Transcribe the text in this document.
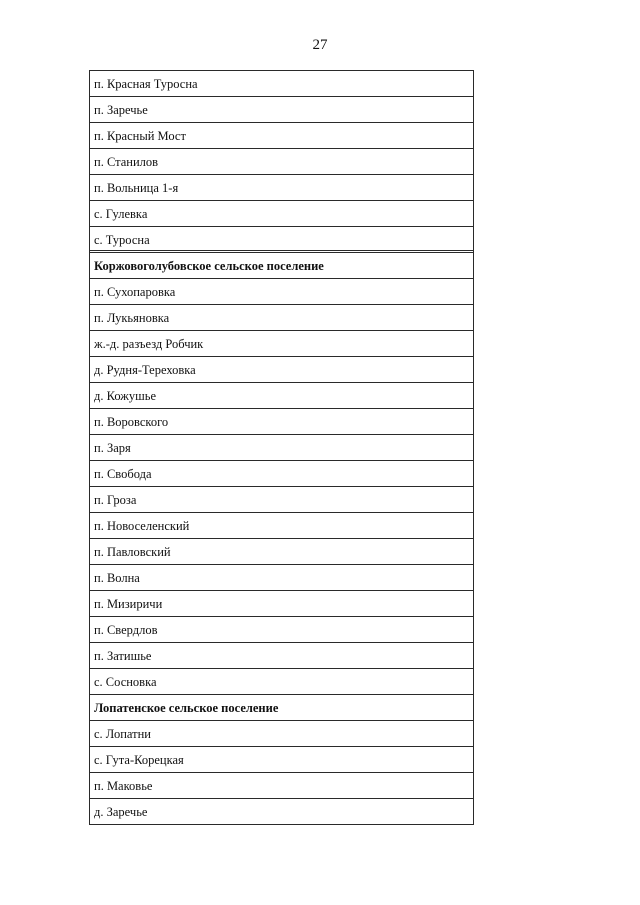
27
п. Красная Туросна
п. Заречье
п. Красный Мост
п. Станилов
п. Вольница 1-я
с. Гулевка
с. Туросна
Коржовоголубовское сельское поселение
п. Сухопаровка
п. Лукьяновка
ж.-д. разъезд Робчик
д. Рудня-Тереховка
д. Кожушье
п. Воровского
п. Заря
п. Свобода
п. Гроза
п. Новоселенский
п. Павловский
п. Волна
п. Мизиричи
п. Свердлов
п. Затишье
с. Сосновка
Лопатенское сельское поселение
с. Лопатни
с. Гута-Корецкая
п. Маковье
д. Заречье
